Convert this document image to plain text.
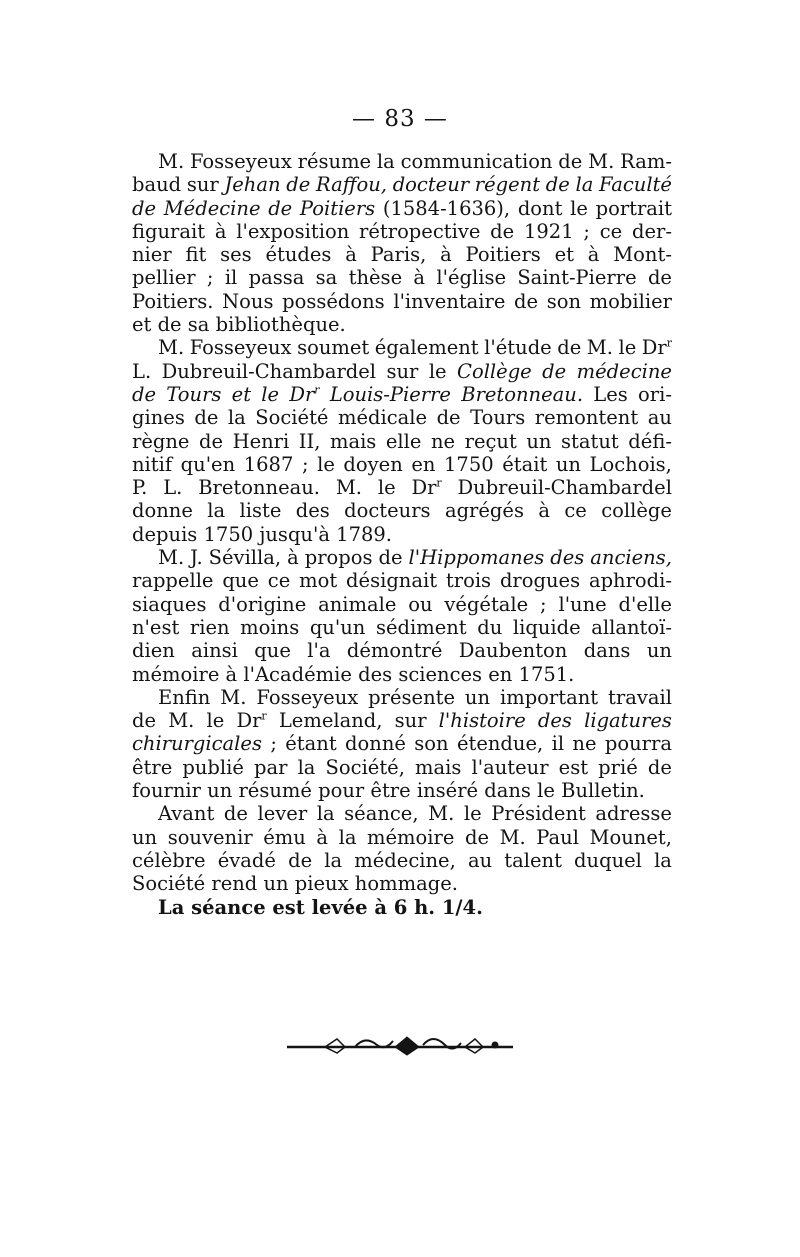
— 83 —
M. Fosseyeux résume la communication de M. Ram-
baud sur Jehan de Raffou, docteur régent de la Faculté
de Médecine de Poitiers (1584-1636), dont le portrait
figurait à l'exposition rétropective de 1921 ; ce der-
nier fit ses études à Paris, à Poitiers et à Mont-
pellier ; il passa sa thèse à l'église Saint-Pierre de
Poitiers. Nous possédons l'inventaire de son mobilier
et de sa bibliothèque.
M. Fosseyeux soumet également l'étude de M. le Dr$^r$
L. Dubreuil-Chambardel sur le Collège de médecine
de Tours et le Dr$^r$ Louis-Pierre Bretonneau. Les ori-
gines de la Société médicale de Tours remontent au
règne de Henri II, mais elle ne reçut un statut défi-
nitif qu'en 1687 ; le doyen en 1750 était un Lochois,
P. L. Bretonneau. M. le Dr$^r$ Dubreuil-Chambardel
donne la liste des docteurs agrégés à ce collège
depuis 1750 jusqu'à 1789.
M. J. Sévilla, à propos de l'Hippomanes des anciens,
rappelle que ce mot désignait trois drogues aphrodi-
siaques d'origine animale ou végétale ; l'une d'elle
n'est rien moins qu'un sédiment du liquide allantoï-
dien ainsi que l'a démontré Daubenton dans un
mémoire à l'Académie des sciences en 1751.
Enfin M. Fosseyeux présente un important travail
de M. le Dr$^r$ Lemeland, sur l'histoire des ligatures
chirurgicales ; étant donné son étendue, il ne pourra
être publié par la Société, mais l'auteur est prié de
fournir un résumé pour être inséré dans le Bulletin.
Avant de lever la séance, M. le Président adresse
un souvenir ému à la mémoire de M. Paul Mounet,
célèbre évadé de la médecine, au talent duquel la
Société rend un pieux hommage.
La séance est levée à 6 h. 1/4.
